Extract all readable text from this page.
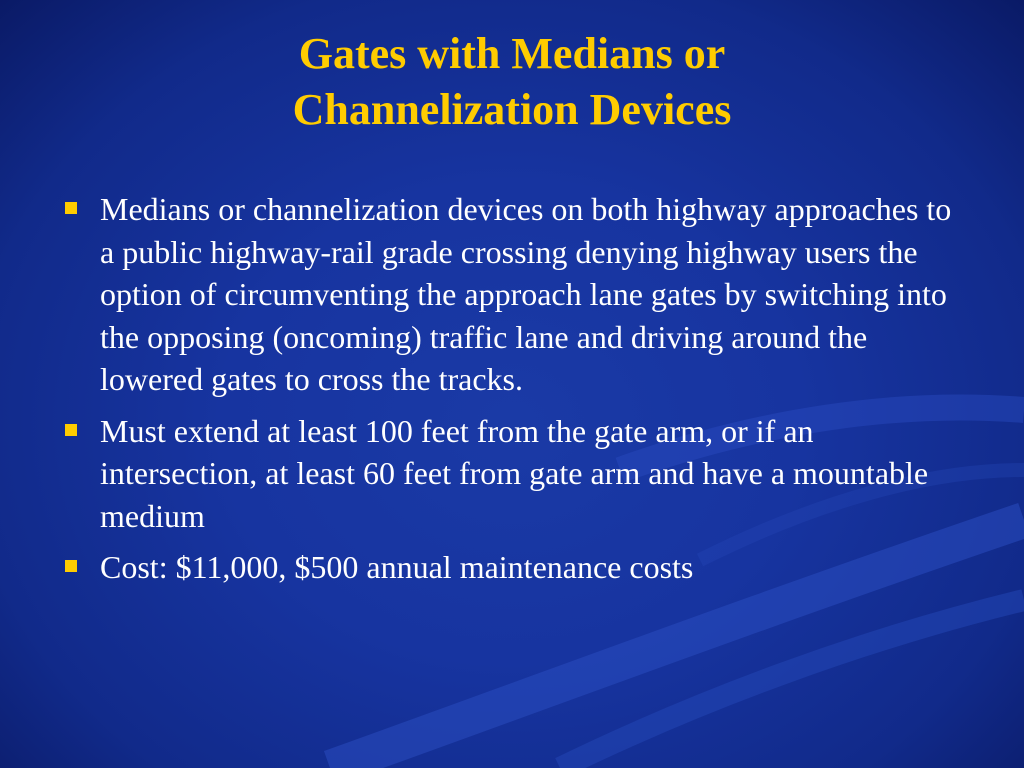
Gates with Medians or
Channelization Devices
Medians or channelization devices on both highway approaches to a public highway-rail grade crossing denying highway users the option of circumventing the approach lane gates by switching into the opposing (oncoming) traffic lane and driving around the lowered gates to cross the tracks.
Must extend at least 100 feet from the gate arm, or if an intersection, at least 60 feet from gate arm and have a mountable medium
Cost: $11,000, $500 annual maintenance costs
